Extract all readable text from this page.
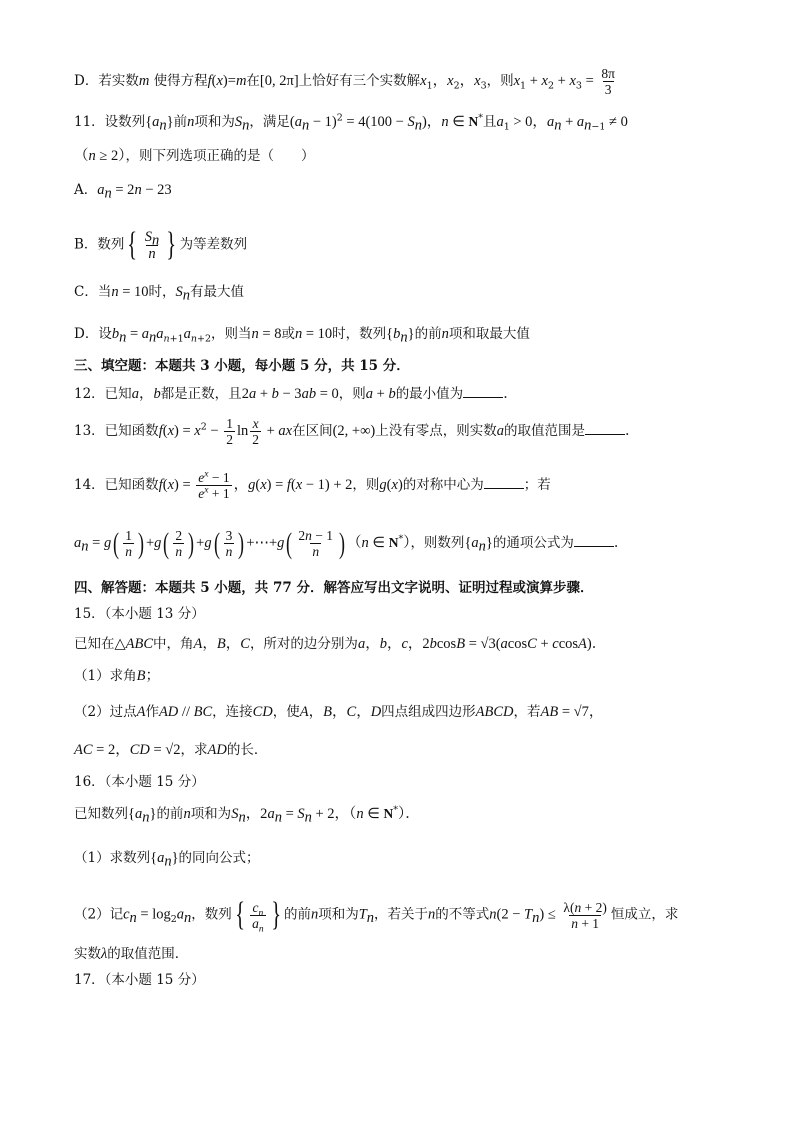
D．若实数m 使得方程f(x)=m在[0, 2π]上恰好有三个实数解$x_1$，$x_2$，$x_3$，则$x_1 + x_2 + x_3 = \frac{8\pi}{3}$
11．设数列$\{a_n\}$前n项和为$S_n$，满足$(a_n - 1)^2 = 4(100 - S_n)$，n ∈ N*且$a_1 > 0$，$a_n + a_{n-1} \ne 0$
（n ≥ 2），则下列选项正确的是（　　）
A．$a_n = 2n - 23$
B．数列{ $\frac{S_n}{n}$ } 为等差数列
C．当n = 10时，$S_n$有最大值
D．设$b_n = a_na_{n+1}a_{n+2}$，则当n = 8或n = 10时，数列$\{b_n\}$的前n项和取最大值
三、填空题：本题共 3 小题，每小题 5 分，共 15 分．
12．已知a，b都是正数，且2a + b − 3ab = 0，则a + b的最小值为	．
13．已知函数$f(x) = x^2 - \frac{1}{2}$ $\ln \frac{x}{2}$ + ax在区间(2, +∞)上没有零点，则实数a的取值范围是	．
14．已知函数$f(x) = \frac{e^x - 1}{e^x + 1}$ ，g(x) = f(x − 1) + 2，则g(x)的对称中心为	；若
$a_n = g( \frac{1}{n}$ ) $+g( \frac{2}{n}$ ) $+g( \frac{3}{n}$ ) +⋯+g( $\frac{2n - 1}{n}$ ) （n ∈ N*），则数列$\{a_n\}$的通项公式为	．
四、解答题：本题共 5 小题，共 77 分．解答应写出文字说明、证明过程或演算步骤．
15．（本小题 13 分）
已知在△ABC中，角A，B，C，所对的边分别为a，b，c，2bcosB = √3(acosC + ccosA)．
（1）求角B；
（2）过点A作AD // BC，连接CD，使A，B，C，D四点组成四边形ABCD，若AB = √7，
AC = 2，CD = √2，求AD的长．
16．（本小题 15 分）
已知数列$\{a_n\}$的前n项和为$S_n$，$2a_n = S_n + 2$，（n ∈ N*）．
（1）求数列$\{a_n\}$的同向公式；
（2）记$c_n = \log_2a_n$，数列{ $\frac{c_n}{a_n}$ } 的前n项和为$T_n$，若关于n的不等式$n(2 - T_n) \le \frac{\lambda(n + 2)}{n + 1}$ 恒成立，求
实数λ的取值范围．
17．（本小题 15 分）
